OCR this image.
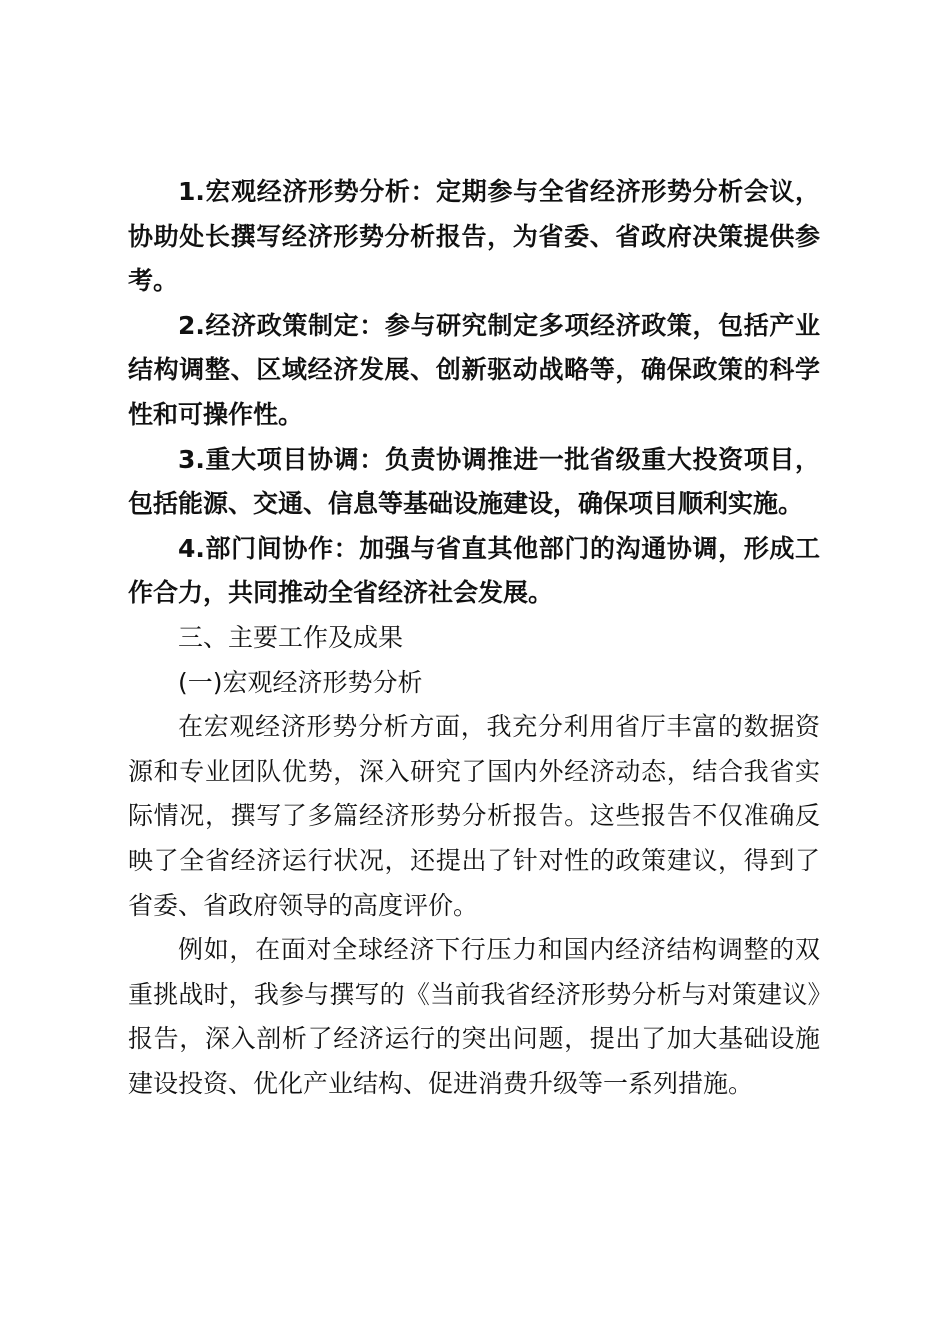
1.宏观经济形势分析：定期参与全省经济形势分析会议，协助处长撰写经济形势分析报告，为省委、省政府决策提供参考。

2.经济政策制定：参与研究制定多项经济政策，包括产业结构调整、区域经济发展、创新驱动战略等，确保政策的科学性和可操作性。

3.重大项目协调：负责协调推进一批省级重大投资项目，包括能源、交通、信息等基础设施建设，确保项目顺利实施。

4.部门间协作：加强与省直其他部门的沟通协调，形成工作合力，共同推动全省经济社会发展。

三、主要工作及成果

(一)宏观经济形势分析

在宏观经济形势分析方面，我充分利用省厅丰富的数据资源和专业团队优势，深入研究了国内外经济动态，结合我省实际情况，撰写了多篇经济形势分析报告。这些报告不仅准确反映了全省经济运行状况，还提出了针对性的政策建议，得到了省委、省政府领导的高度评价。

例如，在面对全球经济下行压力和国内经济结构调整的双重挑战时，我参与撰写的《当前我省经济形势分析与对策建议》报告，深入剖析了经济运行的突出问题，提出了加大基础设施建设投资、优化产业结构、促进消费升级等一系列措施。
